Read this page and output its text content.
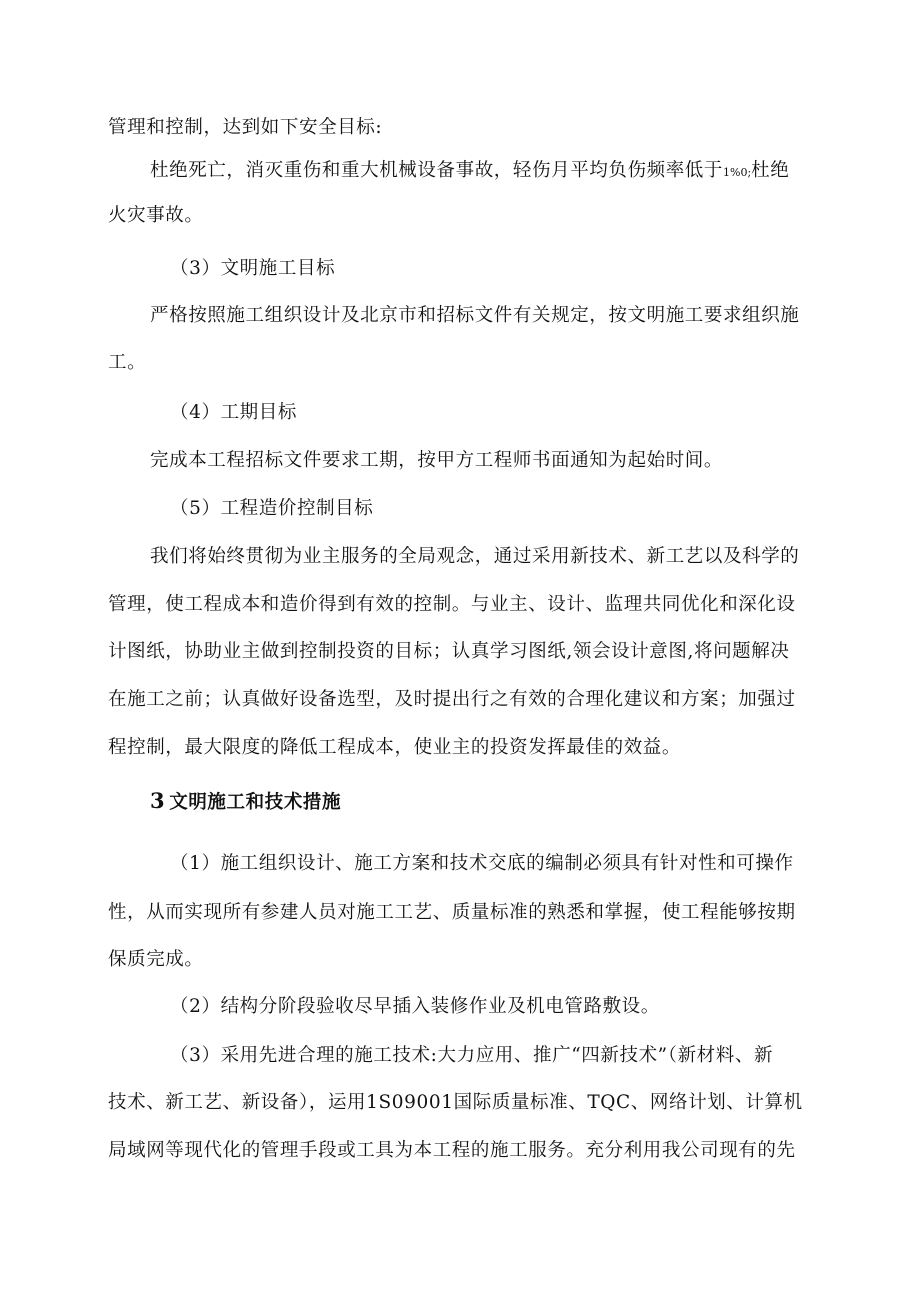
管理和控制，达到如下安全目标:
杜绝死亡，消灭重伤和重大机械设备事故，轻伤月平均负伤频率低于1%0;杜绝
火灾事故。
（3）文明施工目标
严格按照施工组织设计及北京市和招标文件有关规定，按文明施工要求组织施
工。
（4）工期目标
完成本工程招标文件要求工期，按甲方工程师书面通知为起始时间。
（5）工程造价控制目标
我们将始终贯彻为业主服务的全局观念，通过采用新技术、新工艺以及科学的
管理，使工程成本和造价得到有效的控制。与业主、设计、监理共同优化和深化设
计图纸，协助业主做到控制投资的目标；认真学习图纸,领会设计意图,将问题解决
在施工之前；认真做好设备选型，及时提出行之有效的合理化建议和方案；加强过
程控制，最大限度的降低工程成本，使业主的投资发挥最佳的效益。
3 文明施工和技术措施
（1）施工组织设计、施工方案和技术交底的编制必须具有针对性和可操作
性，从而实现所有参建人员对施工工艺、质量标准的熟悉和掌握，使工程能够按期
保质完成。
（2）结构分阶段验收尽早插入装修作业及机电管路敷设。
（3）采用先进合理的施工技术:大力应用、推广“四新技术”（新材料、新
技术、新工艺、新设备），运用1S09001国际质量标准、TQC、网络计划、计算机
局域网等现代化的管理手段或工具为本工程的施工服务。充分利用我公司现有的先
